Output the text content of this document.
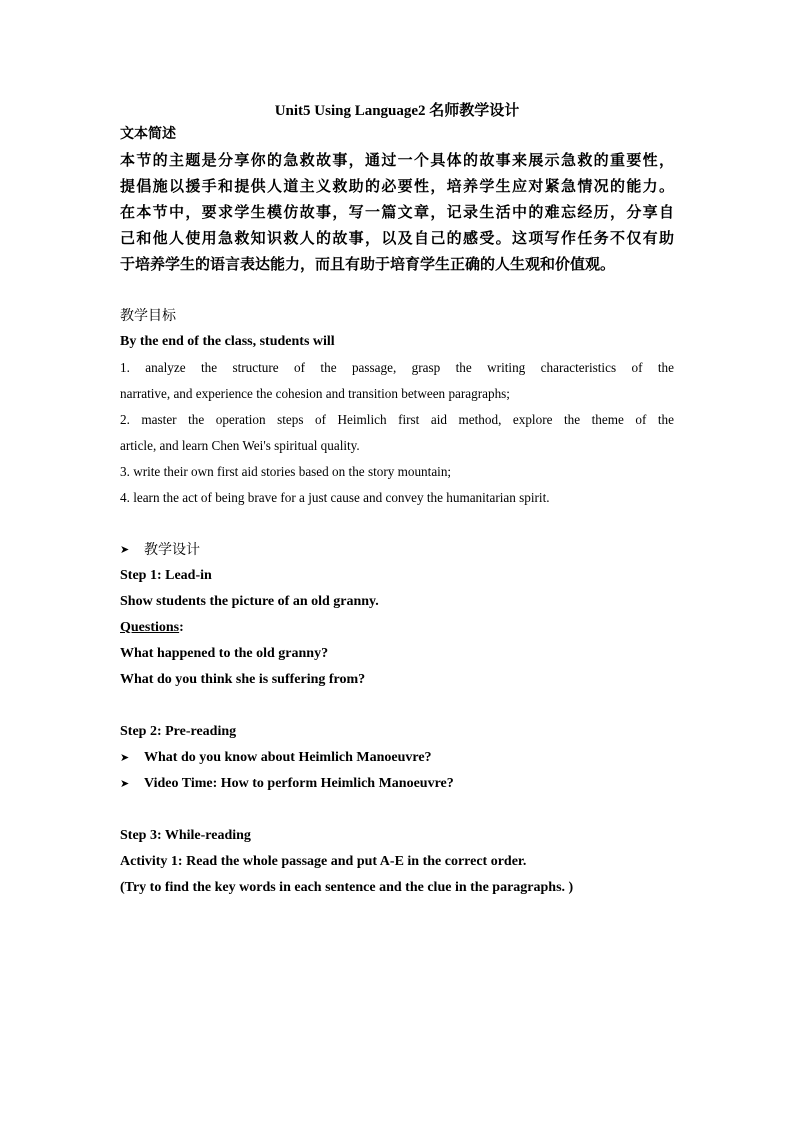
Unit5 Using Language2 名师教学设计
文本简述
本节的主题是分享你的急救故事，通过一个具体的故事来展示急救的重要性，
提倡施以援手和提供人道主义救助的必要性，培养学生应对紧急情况的能力。
在本节中，要求学生模仿故事，写一篇文章，记录生活中的难忘经历，分享自
己和他人使用急救知识救人的故事，以及自己的感受。这项写作任务不仅有助
于培养学生的语言表达能力，而且有助于培育学生正确的人生观和价值观。
教学目标
By the end of the class, students will
1. analyze the structure of the passage, grasp the writing characteristics of the
narrative, and experience the cohesion and transition between paragraphs;
2. master the operation steps of Heimlich first aid method, explore the theme of the
article, and learn Chen Wei's spiritual quality.
3. write their own first aid stories based on the story mountain;
4. learn the act of being brave for a just cause and convey the humanitarian spirit.
➤	教学设计
Step 1: Lead-in
Show students the picture of an old granny.
Questions:
What happened to the old granny?
What do you think she is suffering from?
Step 2: Pre-reading
➤	What do you know about Heimlich Manoeuvre?
➤	Video Time: How to perform Heimlich Manoeuvre?
Step 3: While-reading
Activity 1: Read the whole passage and put A-E in the correct order.
(Try to find the key words in each sentence and the clue in the paragraphs. )
